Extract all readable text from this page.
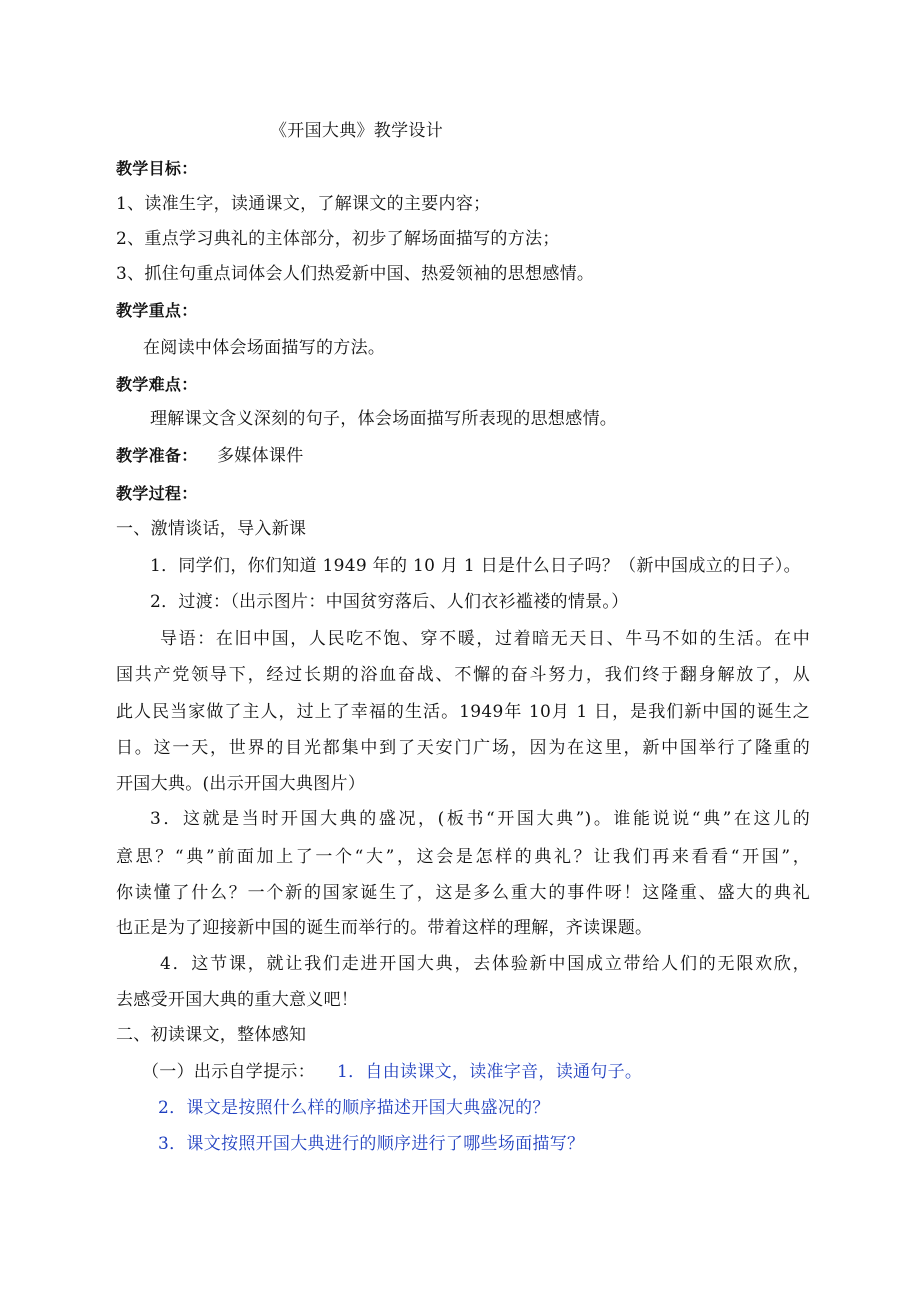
《开国大典》教学设计
教学目标：
1、读准生字，读通课文，了解课文的主要内容；
2、重点学习典礼的主体部分，初步了解场面描写的方法；
3、抓住句重点词体会人们热爱新中国、热爱领袖的思想感情。
教学重点：
在阅读中体会场面描写的方法。
教学难点：
理解课文含义深刻的句子，体会场面描写所表现的思想感情。
教学准备： 多媒体课件
教学过程：
一、激情谈话，导入新课
1．同学们，你们知道 1949 年的 10 月 1 日是什么日子吗？（新中国成立的日子）。
2．过渡：（出示图片：中国贫穷落后、人们衣衫褴褛的情景。）
导语：在旧中国，人民吃不饱、穿不暖，过着暗无天日、牛马不如的生活。在中
国共产党领导下，经过长期的浴血奋战、不懈的奋斗努力，我们终于翻身解放了，从
此人民当家做了主人，过上了幸福的生活。1949年 10月 1 日，是我们新中国的诞生之
日。这一天，世界的目光都集中到了天安门广场，因为在这里，新中国举行了隆重的
开国大典。(出示开国大典图片）
3．这就是当时开国大典的盛况，(板书“开国大典”)。谁能说说“典”在这儿的
意思？“典”前面加上了一个“大”，这会是怎样的典礼？让我们再来看看“开国”，
你读懂了什么？一个新的国家诞生了，这是多么重大的事件呀！这隆重、盛大的典礼
也正是为了迎接新中国的诞生而举行的。带着这样的理解，齐读课题。
4．这节课，就让我们走进开国大典，去体验新中国成立带给人们的无限欢欣，
去感受开国大典的重大意义吧！
二、初读课文，整体感知
（一）出示自学提示： 1．自由读课文，读准字音，读通句子。
2．课文是按照什么样的顺序描述开国大典盛况的？
3．课文按照开国大典进行的顺序进行了哪些场面描写？
